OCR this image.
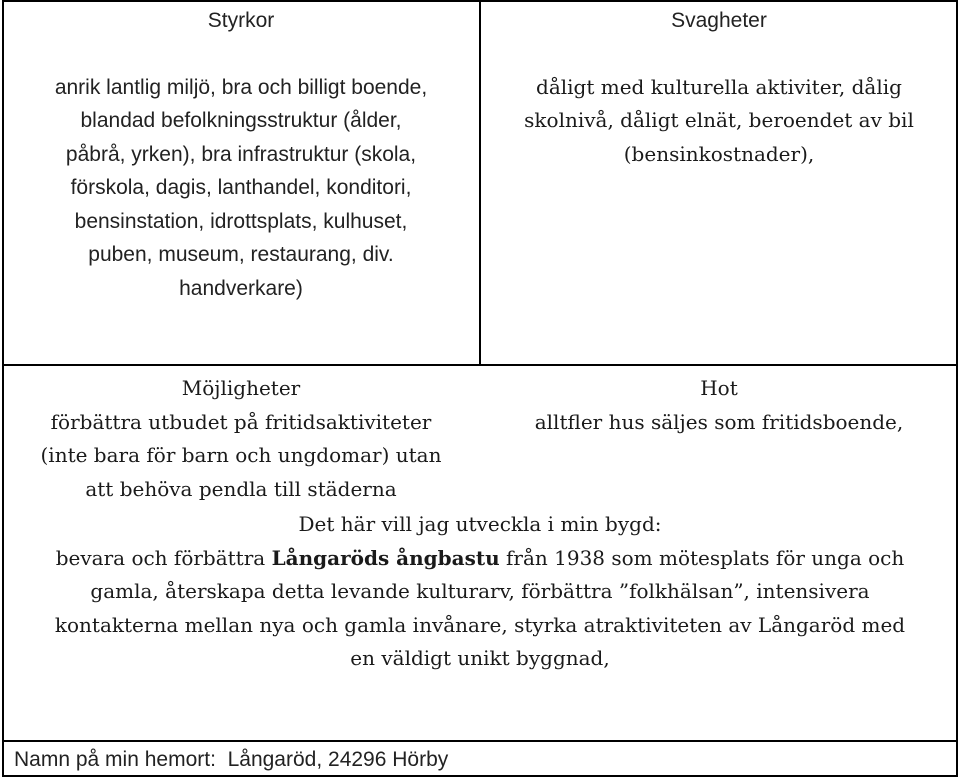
Styrkor
anrik lantlig miljö, bra och billigt boende,
blandad befolkningsstruktur (ålder,
påbrå, yrken), bra infrastruktur (skola,
förskola, dagis, lanthandel, konditori,
bensinstation, idrottsplats, kulhuset,
puben, museum, restaurang, div.
handverkare)
Svagheter
dåligt med kulturella aktiviter, dålig
skolnivå, dåligt elnät, beroendet av bil
(bensinkostnader),
Möjligheter
förbättra utbudet på fritidsaktiviteter
(inte bara för barn och ungdomar) utan
att behöva pendla till städerna
Hot
alltfler hus säljes som fritidsboende,
Det här vill jag utveckla i min bygd:
bevara och förbättra Långaröds ångbastu från 1938 som mötesplats för unga och
gamla, återskapa detta levande kulturarv, förbättra ”folkhälsan”, intensivera
kontakterna mellan nya och gamla invånare, styrka atraktiviteten av Långaröd med
en väldigt unikt byggnad,
Namn på min hemort: Långaröd, 24296 Hörby
